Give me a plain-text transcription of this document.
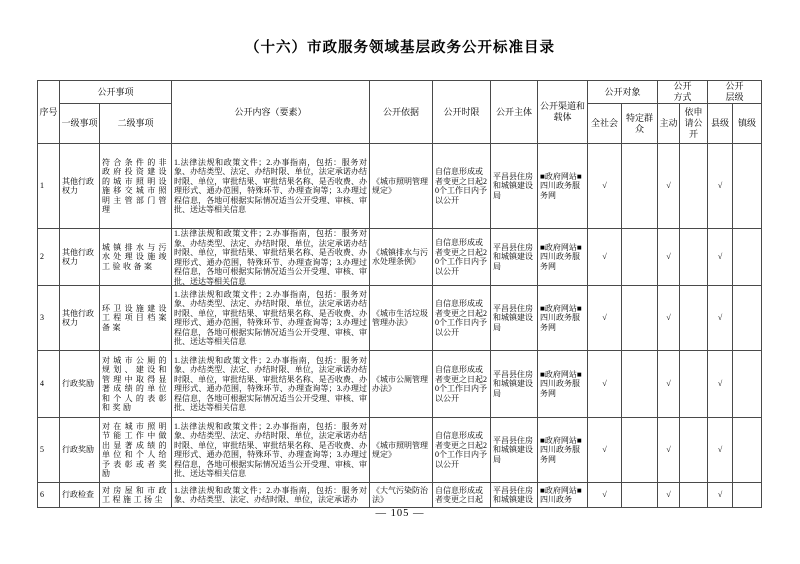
（十六）市政服务领域基层政务公开标准目录
序号	公开事项		公开内容（要素）	公开依据	公开时限	公开主体	公开渠道和载体	公开对象		公开方式		公开层级	
	一级事项	二级事项						全社会	特定群众	主动	依申请公开	县级	镇级

1	其他行政权力	符合条件的非政府投资建设的城市照明设施移交城市照明主管部门管理	1.法律法规和政策文件；2.办事指南，包括：服务对象、办结类型、法定、办结时限、单位，法定承诺办结时限、单位，审批结果、审批结果名称、是否收费、办理形式、通办范围，特殊环节、办理查询等；3.办理过程信息，各地可根据实际情况适当公开受理、审核、审批、送达等相关信息	《城市照明管理规定》	自信息形成或者变更之日起20个工作日内予以公开	平昌县住房和城镇建设局	■政府网站■四川政务服务网	√		√		√	

2	其他行政权力	城镇排水与污水处理设施竣工验收备案	1.法律法规和政策文件；2.办事指南，包括：服务对象、办结类型、法定、办结时限、单位，法定承诺办结时限、单位，审批结果、审批结果名称、是否收费、办理形式、通办范围，特殊环节、办理查询等；3.办理过程信息，各地可根据实际情况适当公开受理、审核、审批、送达等相关信息	《城镇排水与污水处理条例》	自信息形成或者变更之日起20个工作日内予以公开	平昌县住房和城镇建设局	■政府网站■四川政务服务网	√		√		√	

3	其他行政权力	环卫设施建设工程项目档案备案	1.法律法规和政策文件；2.办事指南，包括：服务对象、办结类型、法定、办结时限、单位，法定承诺办结时限、单位，审批结果、审批结果名称、是否收费、办理形式、通办范围，特殊环节、办理查询等；3.办理过程信息，各地可根据实际情况适当公开受理、审核、审批、送达等相关信息	《城市生活垃圾管理办法》	自信息形成或者变更之日起20个工作日内予以公开	平昌县住房和城镇建设局	■政府网站■四川政务服务网	√		√		√	

4	行政奖励	对城市公厕的规划、建设和管理中取得显著成绩的单位和个人的表彰和奖励	1.法律法规和政策文件；2.办事指南，包括：服务对象、办结类型、法定、办结时限、单位，法定承诺办结时限、单位，审批结果、审批结果名称、是否收费、办理形式、通办范围，特殊环节、办理查询等；3.办理过程信息，各地可根据实际情况适当公开受理、审核、审批、送达等相关信息	《城市公厕管理办法》	自信息形成或者变更之日起20个工作日内予以公开	平昌县住房和城镇建设局	■政府网站■四川政务服务网	√		√		√	

5	行政奖励	对在城市照明节能工作中做出显著成绩的单位和个人给予表彰或者奖励	1.法律法规和政策文件；2.办事指南，包括：服务对象、办结类型、法定、办结时限、单位，法定承诺办结时限、单位，审批结果、审批结果名称、是否收费、办理形式、通办范围，特殊环节、办理查询等；3.办理过程信息，各地可根据实际情况适当公开受理、审核、审批、送达等相关信息	《城市照明管理规定》	自信息形成或者变更之日起20个工作日内予以公开	平昌县住房和城镇建设局	■政府网站■四川政务服务网	√		√		√	

6	行政检查	对房屋和市政工程施工扬尘	1.法律法规和政策文件；2.办事指南，包括：服务对象、办结类型、法定、办结时限、单位，法定承诺办	《大气污染防治法》	自信息形成或者变更之日起	平昌县住房和城镇建设	■政府网站■四川政务	√		√		√	

— 105 —
